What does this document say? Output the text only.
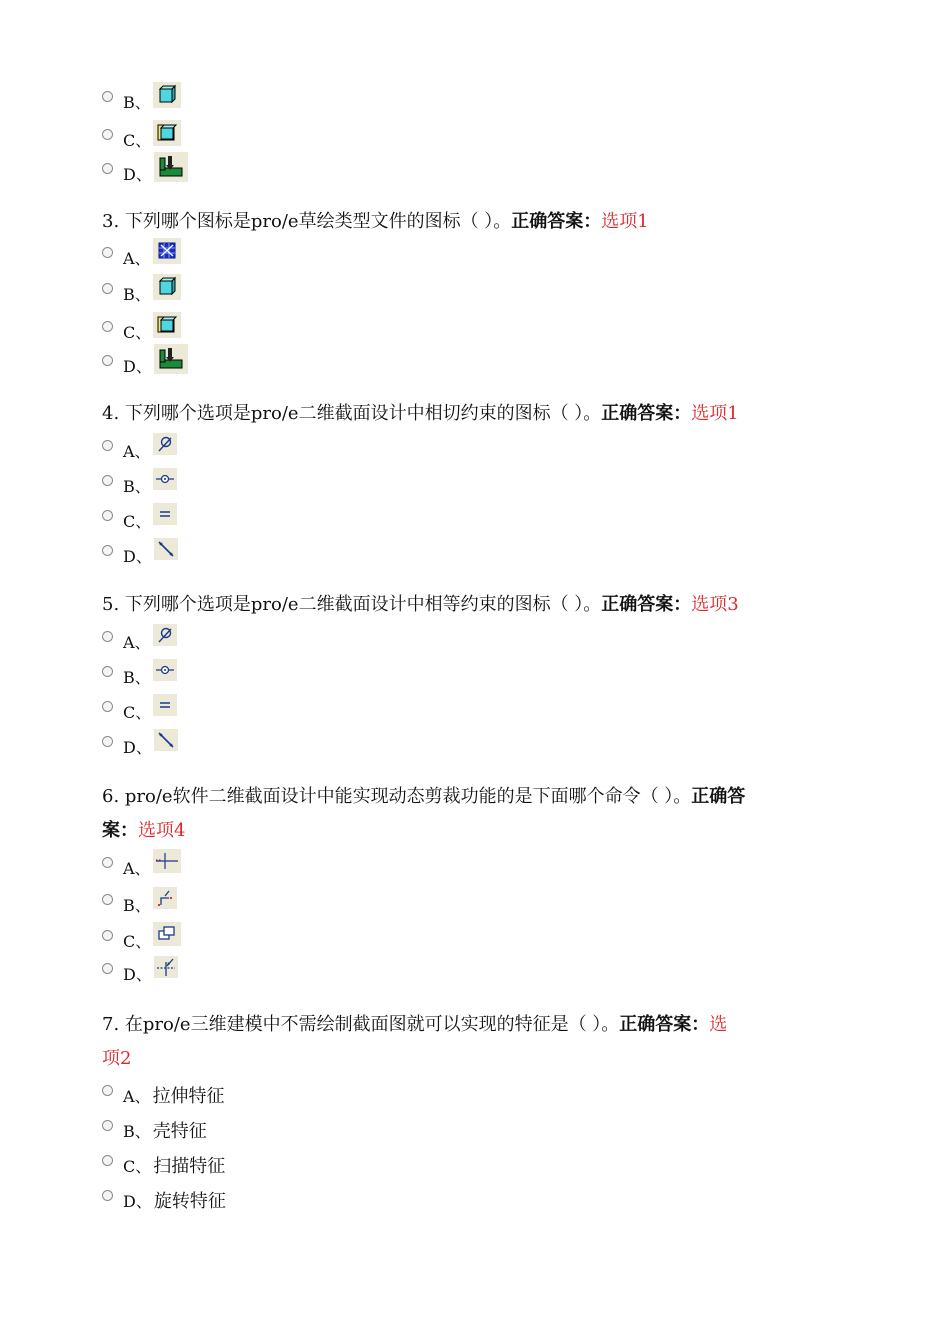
B、
C、
D、
3. 下列哪个图标是pro/e草绘类型文件的图标（ ）。正确答案：选项1
A、
B、
C、
D、
4. 下列哪个选项是pro/e二维截面设计中相切约束的图标（ ）。正确答案：选项1
A、
B、
C、
D、
5. 下列哪个选项是pro/e二维截面设计中相等约束的图标（ ）。正确答案：选项3
A、
B、
C、
D、
6. pro/e软件二维截面设计中能实现动态剪裁功能的是下面哪个命令（ ）。正确答
案：选项4
A、
B、
C、
D、
7. 在pro/e三维建模中不需绘制截面图就可以实现的特征是（ ）。正确答案：选
项2
A、 拉伸特征
B、 壳特征
C、 扫描特征
D、 旋转特征
